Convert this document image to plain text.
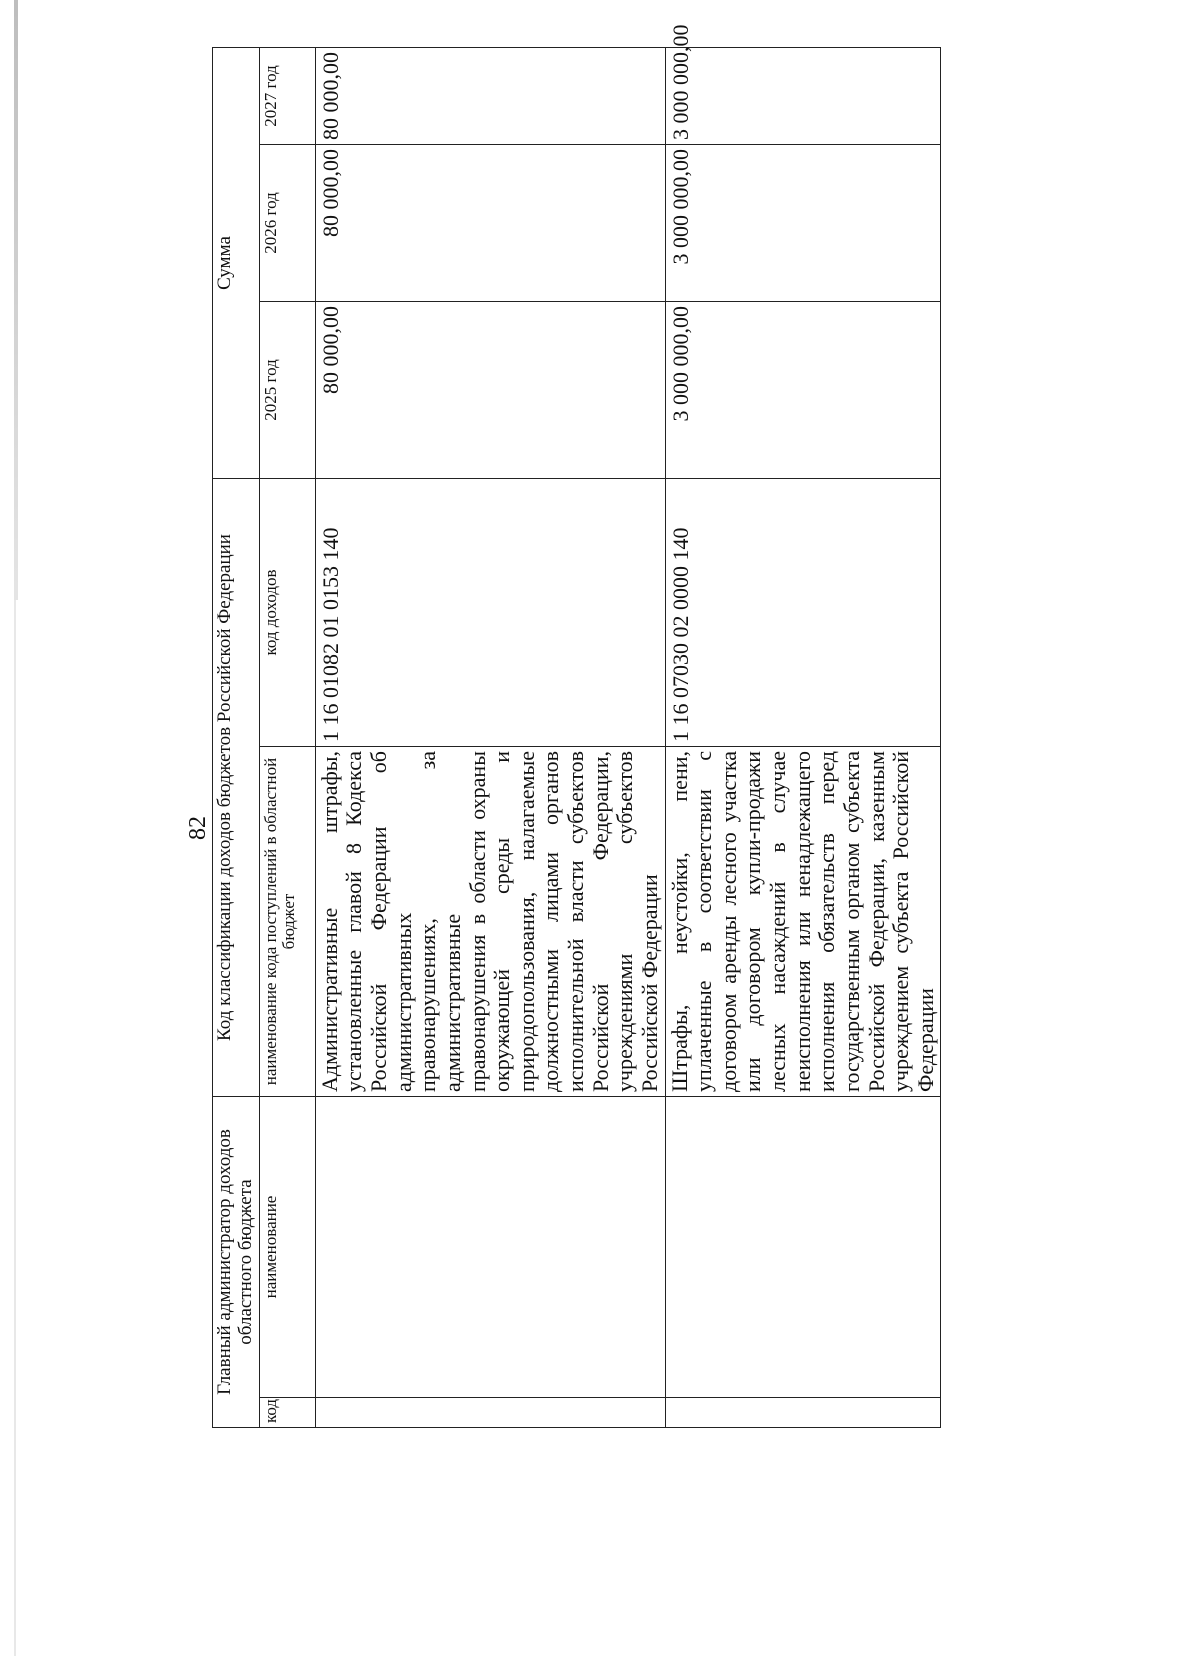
82
Главный администратор доходов областного бюджета		Код классификации доходов бюджетов Российской Федерации		Сумма		
код	наименование	наименование кода поступлений в областной бюджет	код доходов	2025 год	2026 год	2027 год
		Административные штрафы, установленные главой 8 Кодекса Российской Федерации об административных правонарушениях, за административные правонарушения в области охраны окружающей среды и природопользования, налагаемые должностными лицами органов исполнительной власти субъектов Российской Федерации, учреждениями субъектов Российской Федерации	1 16 01082 01 0153 140	80 000,00	80 000,00	80 000,00
		Штрафы, неустойки, пени, уплаченные в соответствии с договором аренды лесного участка или договором купли-продажи лесных насаждений в случае неисполнения или ненадлежащего исполнения обязательств перед государственным органом субъекта Российской Федерации, казенным учреждением субъекта Российской Федерации	1 16 07030 02 0000 140	3 000 000,00	3 000 000,00	3 000 000,00
